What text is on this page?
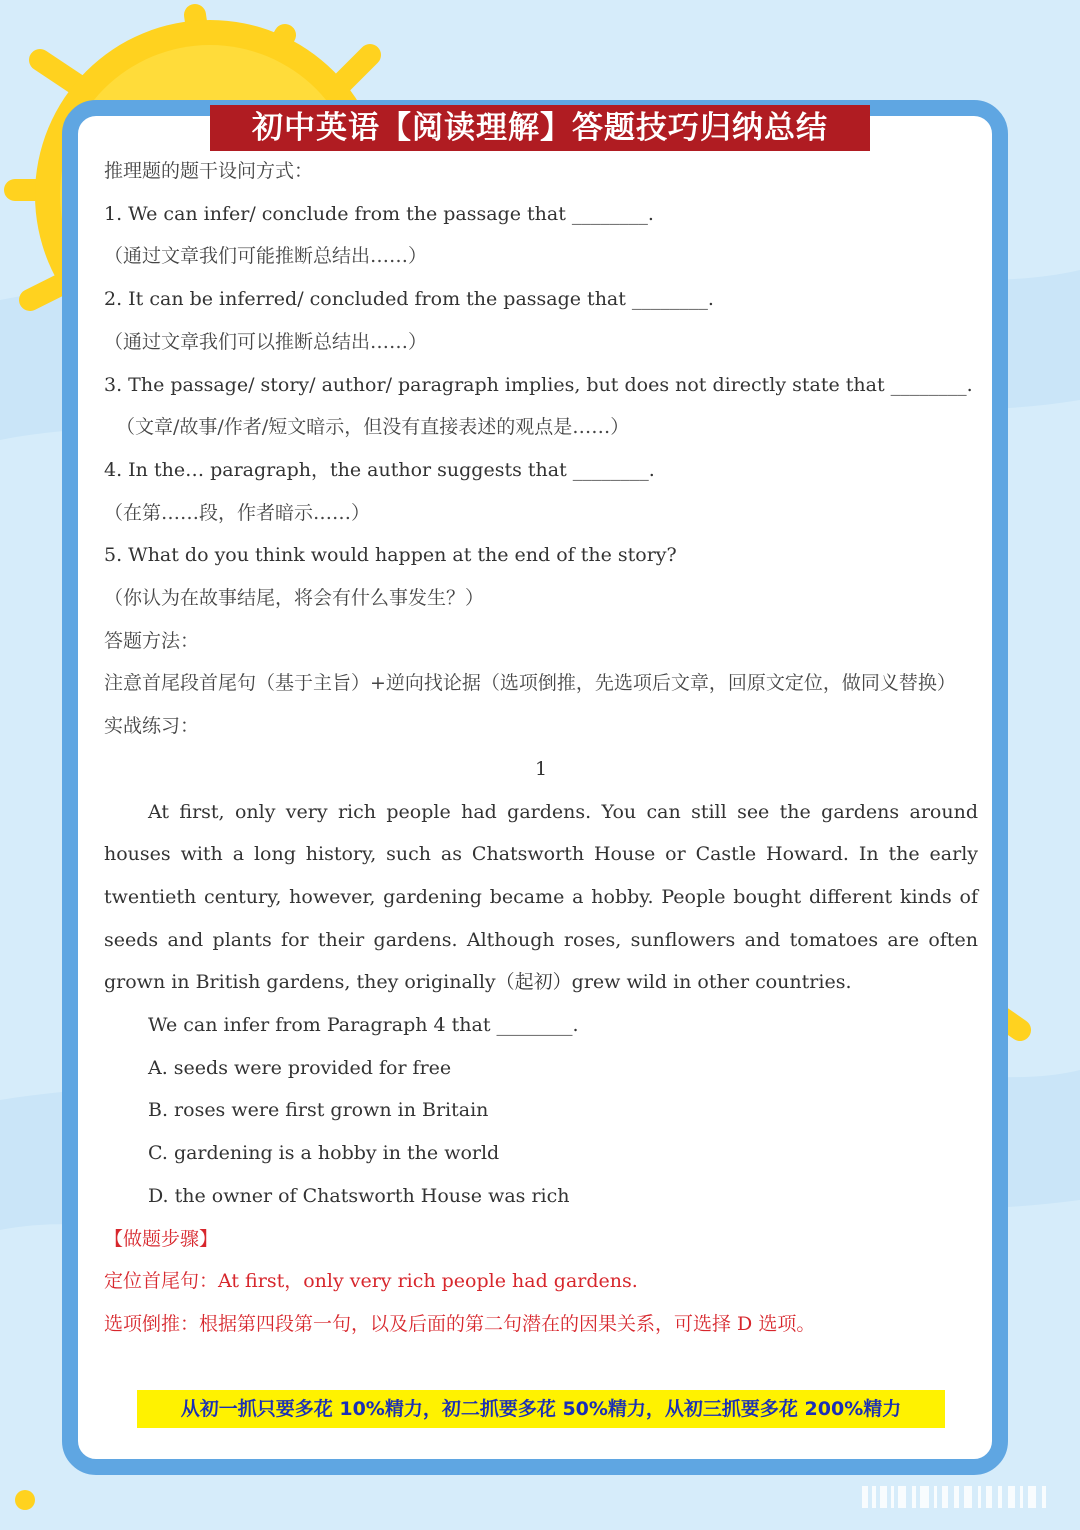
初中英语【阅读理解】答题技巧归纳总结
推理题的题干设问方式：
1. We can infer/ conclude from the passage that ________.
（通过文章我们可能推断总结出……）
2. It can be inferred/ concluded from the passage that ________.
（通过文章我们可以推断总结出……）
3. The passage/ story/ author/ paragraph implies, but does not directly state that ________.
（文章/故事/作者/短文暗示，但没有直接表述的观点是……）
4. In the… paragraph，the author suggests that ________.
（在第……段，作者暗示……）
5. What do you think would happen at the end of the story?
（你认为在故事结尾，将会有什么事发生？）
答题方法：
注意首尾段首尾句（基于主旨）+逆向找论据（选项倒推，先选项后文章，回原文定位，做同义替换）
实战练习：
1
At first, only very rich people had gardens. You can still see the gardens around houses with a long history, such as Chatsworth House or Castle Howard. In the early twentieth century, however, gardening became a hobby. People bought different kinds of seeds and plants for their gardens. Although roses, sunflowers and tomatoes are often grown in British gardens, they originally（起初）grew wild in other countries.
We can infer from Paragraph 4 that ________.
A. seeds were provided for free
B. roses were first grown in Britain
C. gardening is a hobby in the world
D. the owner of Chatsworth House was rich
【做题步骤】
定位首尾句：At first，only very rich people had gardens.
选项倒推：根据第四段第一句，以及后面的第二句潜在的因果关系，可选择 D 选项。
从初一抓只要多花 10%精力，初二抓要多花 50%精力，从初三抓要多花 200%精力
